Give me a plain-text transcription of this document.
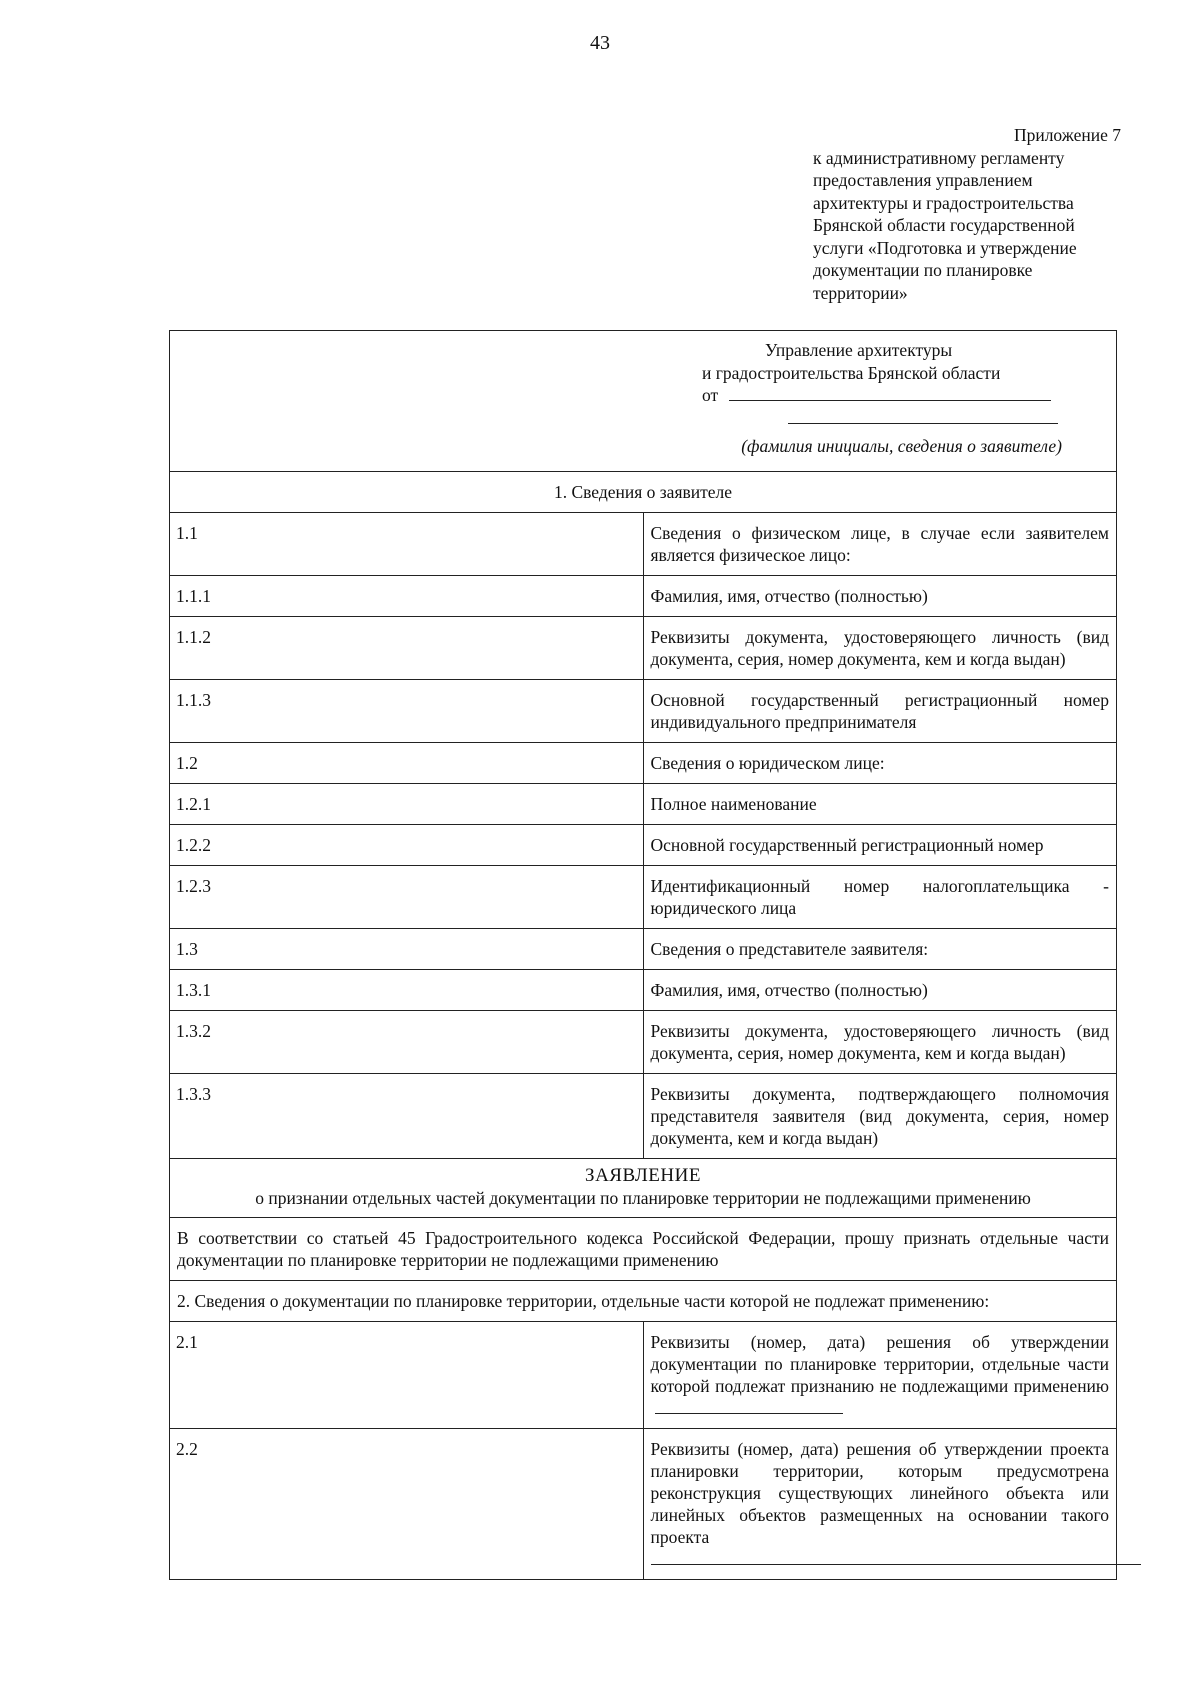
43
Приложение 7
к административному регламенту
предоставления управлением
архитектуры и градостроительства
Брянской области государственной
услуги «Подготовка и утверждение
документации по планировке
территории»
Управление архитектуры
и градостроительства Брянской области
от
(фамилия инициалы, сведения о заявителе)	

1. Сведения о заявителе	
1.1	Сведения о физическом лице, в случае если заявителем является физическое лицо:
1.1.1	Фамилия, имя, отчество (полностью)
1.1.2	Реквизиты документа, удостоверяющего личность (вид документа, серия, номер документа, кем и когда выдан)
1.1.3	Основной государственный регистрационный номер индивидуального предпринимателя
1.2	Сведения о юридическом лице:
1.2.1	Полное наименование
1.2.2	Основной государственный регистрационный номер
1.2.3	Идентификационный номер налогоплательщика - юридического лица
1.3	Сведения о представителе заявителя:
1.3.1	Фамилия, имя, отчество (полностью)
1.3.2	Реквизиты документа, удостоверяющего личность (вид документа, серия, номер документа, кем и когда выдан)
1.3.3	Реквизиты документа, подтверждающего полномочия представителя заявителя (вид документа, серия, номер документа, кем и когда выдан)

ЗАЯВЛЕНИЕ
о признании отдельных частей документации по планировке территории не подлежащими применению	

В соответствии со статьей 45 Градостроительного кодекса Российской Федерации, прошу признать отдельные части документации по планировке территории не подлежащими применению	
2. Сведения о документации по планировке территории, отдельные части которой не подлежат применению:	
2.1	Реквизиты (номер, дата) решения об утверждении документации по планировке территории, отдельные части которой подлежат признанию не подлежащими применению
2.2	Реквизиты (номер, дата) решения об утверждении проекта планировки территории, которым предусмотрена реконструкция существующих линейного объекта или линейных объектов размещенных на основании такого проекта
